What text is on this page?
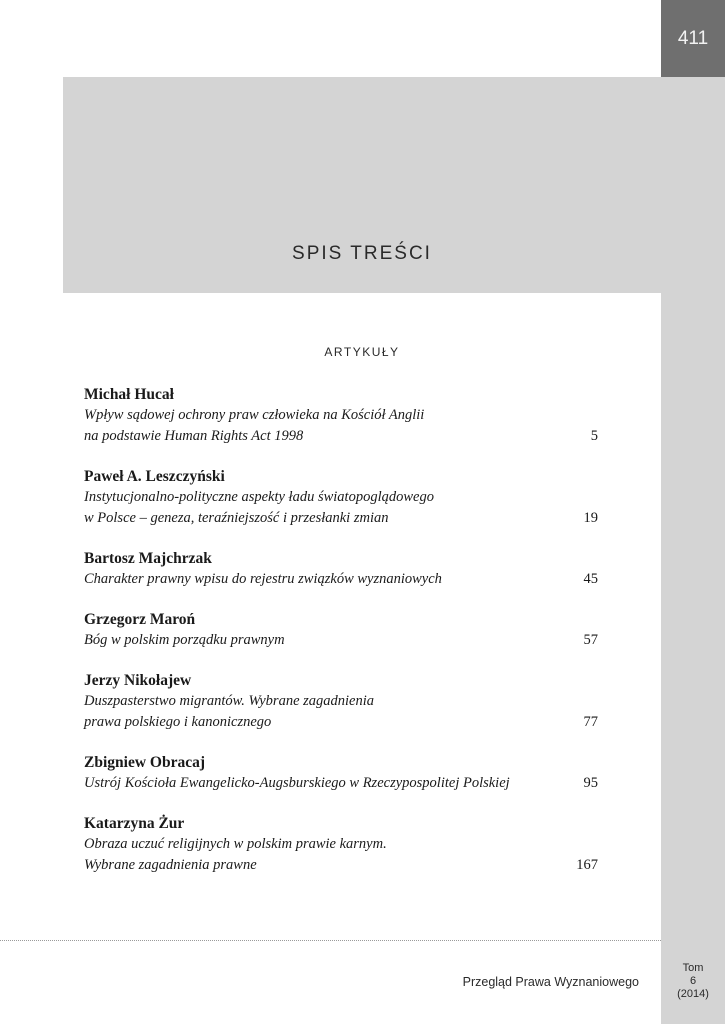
411
SPIS TREŚCI
ARTYKUŁY
Michał Hucał
Wpływ sądowej ochrony praw człowieka na Kościół Anglii
na podstawie Human Rights Act 1998	5
Paweł A. Leszczyński
Instytucjonalno-polityczne aspekty ładu światopoglądowego
w Polsce – geneza, teraźniejszość i przesłanki zmian	19
Bartosz Majchrzak
Charakter prawny wpisu do rejestru związków wyznaniowych	45
Grzegorz Maroń
Bóg w polskim porządku prawnym	57
Jerzy Nikołajew
Duszpasterstwo migrantów. Wybrane zagadnienia
prawa polskiego i kanonicznego	77
Zbigniew Obracaj
Ustrój Kościoła Ewangelicko-Augsburskiego w Rzeczypospolitej Polskiej	95
Katarzyna Żur
Obraza uczuć religijnych w polskim prawie karnym.
Wybrane zagadnienia prawne	167
Przegląd Prawa Wyznaniowego
Tom
6
(2014)
